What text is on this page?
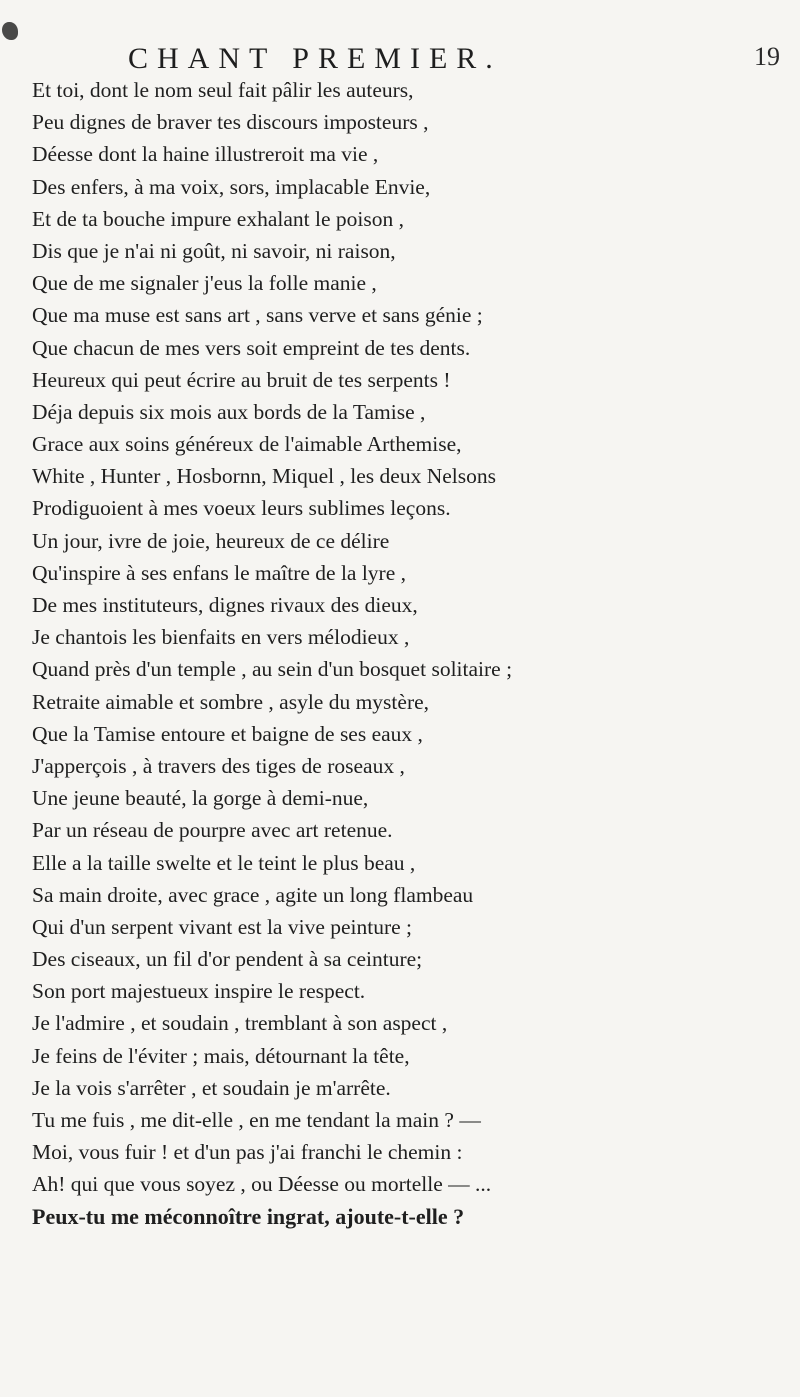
CHANT PREMIER.	19
Et toi, dont le nom seul fait pâlir les auteurs,
Peu dignes de braver tes discours imposteurs ,
Déesse dont la haine illustreroit ma vie ,
Des enfers, à ma voix, sors, implacable Envie,
Et de ta bouche impure exhalant le poison ,
Dis que je n'ai ni goût, ni savoir, ni raison,
Que de me signaler j'eus la folle manie ,
Que ma muse est sans art , sans verve et sans génie ;
Que chacun de mes vers soit empreint de tes dents.
Heureux qui peut écrire au bruit de tes serpents !
Déja depuis six mois aux bords de la Tamise ,
Grace aux soins généreux de l'aimable Arthemise,
White , Hunter , Hosbornn, Miquel , les deux Nelsons
Prodiguoient à mes voeux leurs sublimes leçons.
Un jour, ivre de joie, heureux de ce délire
Qu'inspire à ses enfans le maître de la lyre ,
De mes instituteurs, dignes rivaux des dieux,
Je chantois les bienfaits en vers mélodieux ,
Quand près d'un temple , au sein d'un bosquet solitaire ;
Retraite aimable et sombre , asyle du mystère,
Que la Tamise entoure et baigne de ses eaux ,
J'apperçois , à travers des tiges de roseaux ,
Une jeune beauté, la gorge à demi-nue,
Par un réseau de pourpre avec art retenue.
Elle a la taille swelte et le teint le plus beau ,
Sa main droite, avec grace , agite un long flambeau
Qui d'un serpent vivant est la vive peinture ;
Des ciseaux, un fil d'or pendent à sa ceinture;
Son port majestueux inspire le respect.
Je l'admire , et soudain , tremblant à son aspect ,
Je feins de l'éviter ; mais, détournant la tête,
Je la vois s'arrêter , et soudain je m'arrête.
Tu me fuis , me dit-elle , en me tendant la main ? —
Moi, vous fuir ! et d'un pas j'ai franchi le chemin :
Ah! qui que vous soyez , ou Déesse ou mortelle — ...
Peux-tu me méconnoître ingrat, ajoute-t-elle ?
